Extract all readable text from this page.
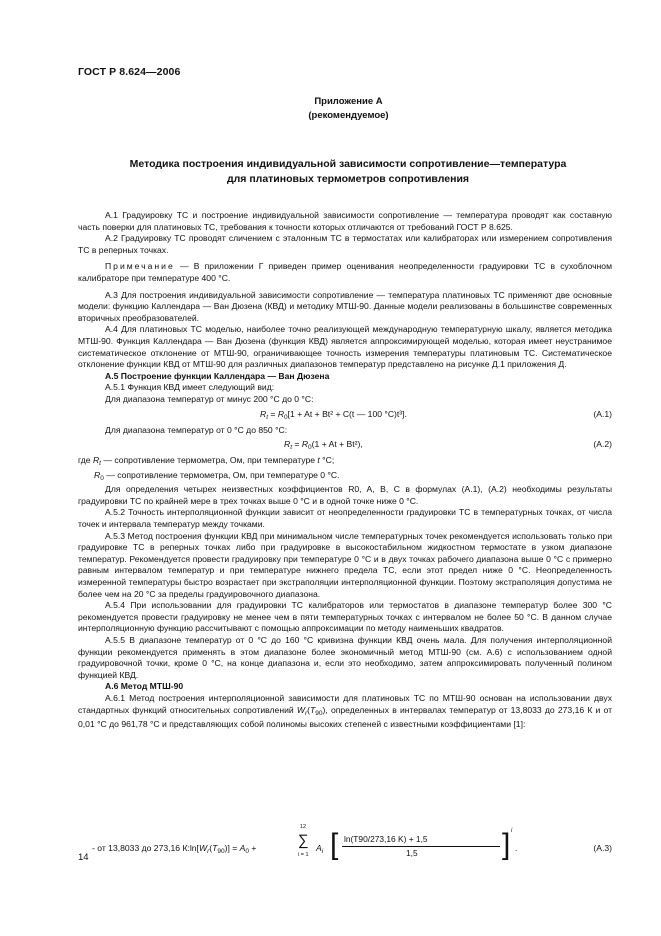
ГОСТ Р 8.624—2006
Приложение А
(рекомендуемое)
Методика построения индивидуальной зависимости сопротивление—температура
для платиновых термометров сопротивления

А.1 Градуировку ТС и построение индивидуальной зависимости сопротивление — температура проводят как составную часть поверки для платиновых ТС, требования к точности которых отличаются от требований ГОСТ Р 8.625.

А.2 Градуировку ТС проводят сличением с эталонным ТС в термостатах или калибраторах или измерением сопротивления ТС в реперных точках.

Примечание — В приложении Г приведен пример оценивания неопределенности градуировки ТС в сухоблочном калибраторе при температуре 400 °С.

А.3 Для построения индивидуальной зависимости сопротивление — температура платиновых ТС применяют две основные модели: функцию Каллендара — Ван Дюзена (КВД) и методику МТШ-90. Данные модели реализованы в большинстве современных вторичных преобразователей.

А.4 Для платиновых ТС моделью, наиболее точно реализующей международную температурную шкалу, является методика МТШ-90. Функция Каллендара — Ван Дюзена (функция КВД) является аппроксимирующей моделью, которая имеет неустранимое систематическое отклонение от МТШ-90, ограничивающее точность измерения температуры платиновым ТС. Систематическое отклонение функции КВД от МТШ-90 для различных диапазонов температур представлено на рисунке Д.1 приложения Д.

А.5 Построение функции Каллендара — Ван Дюзена

А.5.1 Функция КВД имеет следующий вид:

Для диапазона температур от минус 200 °С до 0 °С:

$R_t = R_0[1 + At + Bt^2 + C(t$ — 100 °C)t³].	(А.1)

Для диапазона температур от 0 °С до 850 °С:

$R_t = R_0(1 + At + Bt^2)$,	(А.2)

где $R_t$ — сопротивление термометра, Ом, при температуре t °С;

$R_0$ — сопротивление термометра, Ом, при температуре 0 °С.

Для определения четырех неизвестных коэффициентов R0, A, B, C в формулах (А.1), (А.2) необходимы результаты градуировки ТС по крайней мере в трех точках выше 0 °С и в одной точке ниже 0 °С.

А.5.2 Точность интерполяционной функции зависит от неопределенности градуировки ТС в температурных точках, от числа точек и интервала температур между точками.

А.5.3 Метод построения функции КВД при минимальном числе температурных точек рекомендуется использовать только при градуировке ТС в реперных точках либо при градуировке в высокостабильном жидкостном термостате в узком диапазоне температур. Рекомендуется провести градуировку при температуре 0 °С и в двух точках рабочего диапазона выше 0 °С с примерно равным интервалом температур и при температуре нижнего предела ТС, если этот предел ниже 0 °С. Неопределенность измеренной температуры быстро возрастает при экстраполяции интерполяционной функции. Поэтому экстраполяция допустима не более чем на 20 °С за пределы градуировочного диапазона.

А.5.4 При использовании для градуировки ТС калибраторов или термостатов в диапазоне температур более 300 °С рекомендуется провести градуировку не менее чем в пяти температурных точках с интервалом не более 50 °С. В данном случае интерполяционную функцию рассчитывают с помощью аппроксимации по методу наименьших квадратов.

А.5.5 В диапазоне температур от 0 °С до 160 °С кривизна функции КВД очень мала. Для получения интерполяционной функции рекомендуется применять в этом диапазоне более экономичный метод МТШ-90 (см. А.6) с использованием одной градуировочной точки, кроме 0 °С, на конце диапазона и, если это необходимо, затем аппроксимировать полученный полином функцией КВД.

А.6 Метод МТШ-90

А.6.1 Метод построения интерполяционной зависимости для платиновых ТС по МТШ-90 основан на использовании двух стандартных функций относительных сопротивлений $W_r(T_{90})$, определенных в интервалах температур от 13,8033 до 273,16 К и от 0,01 °С до 961,78 °С и представляющих собой полиномы высоких степеней с известными коэффициентами [1]:

- от 13,8033 до 273,16 $К:\ln[W_r(T_{90})] = A_0$ +
12
∑
i = 1
$A_i$ [ ln(T90/273,16 K) + 1,5
1,5	] i
.	(А.3)
14
